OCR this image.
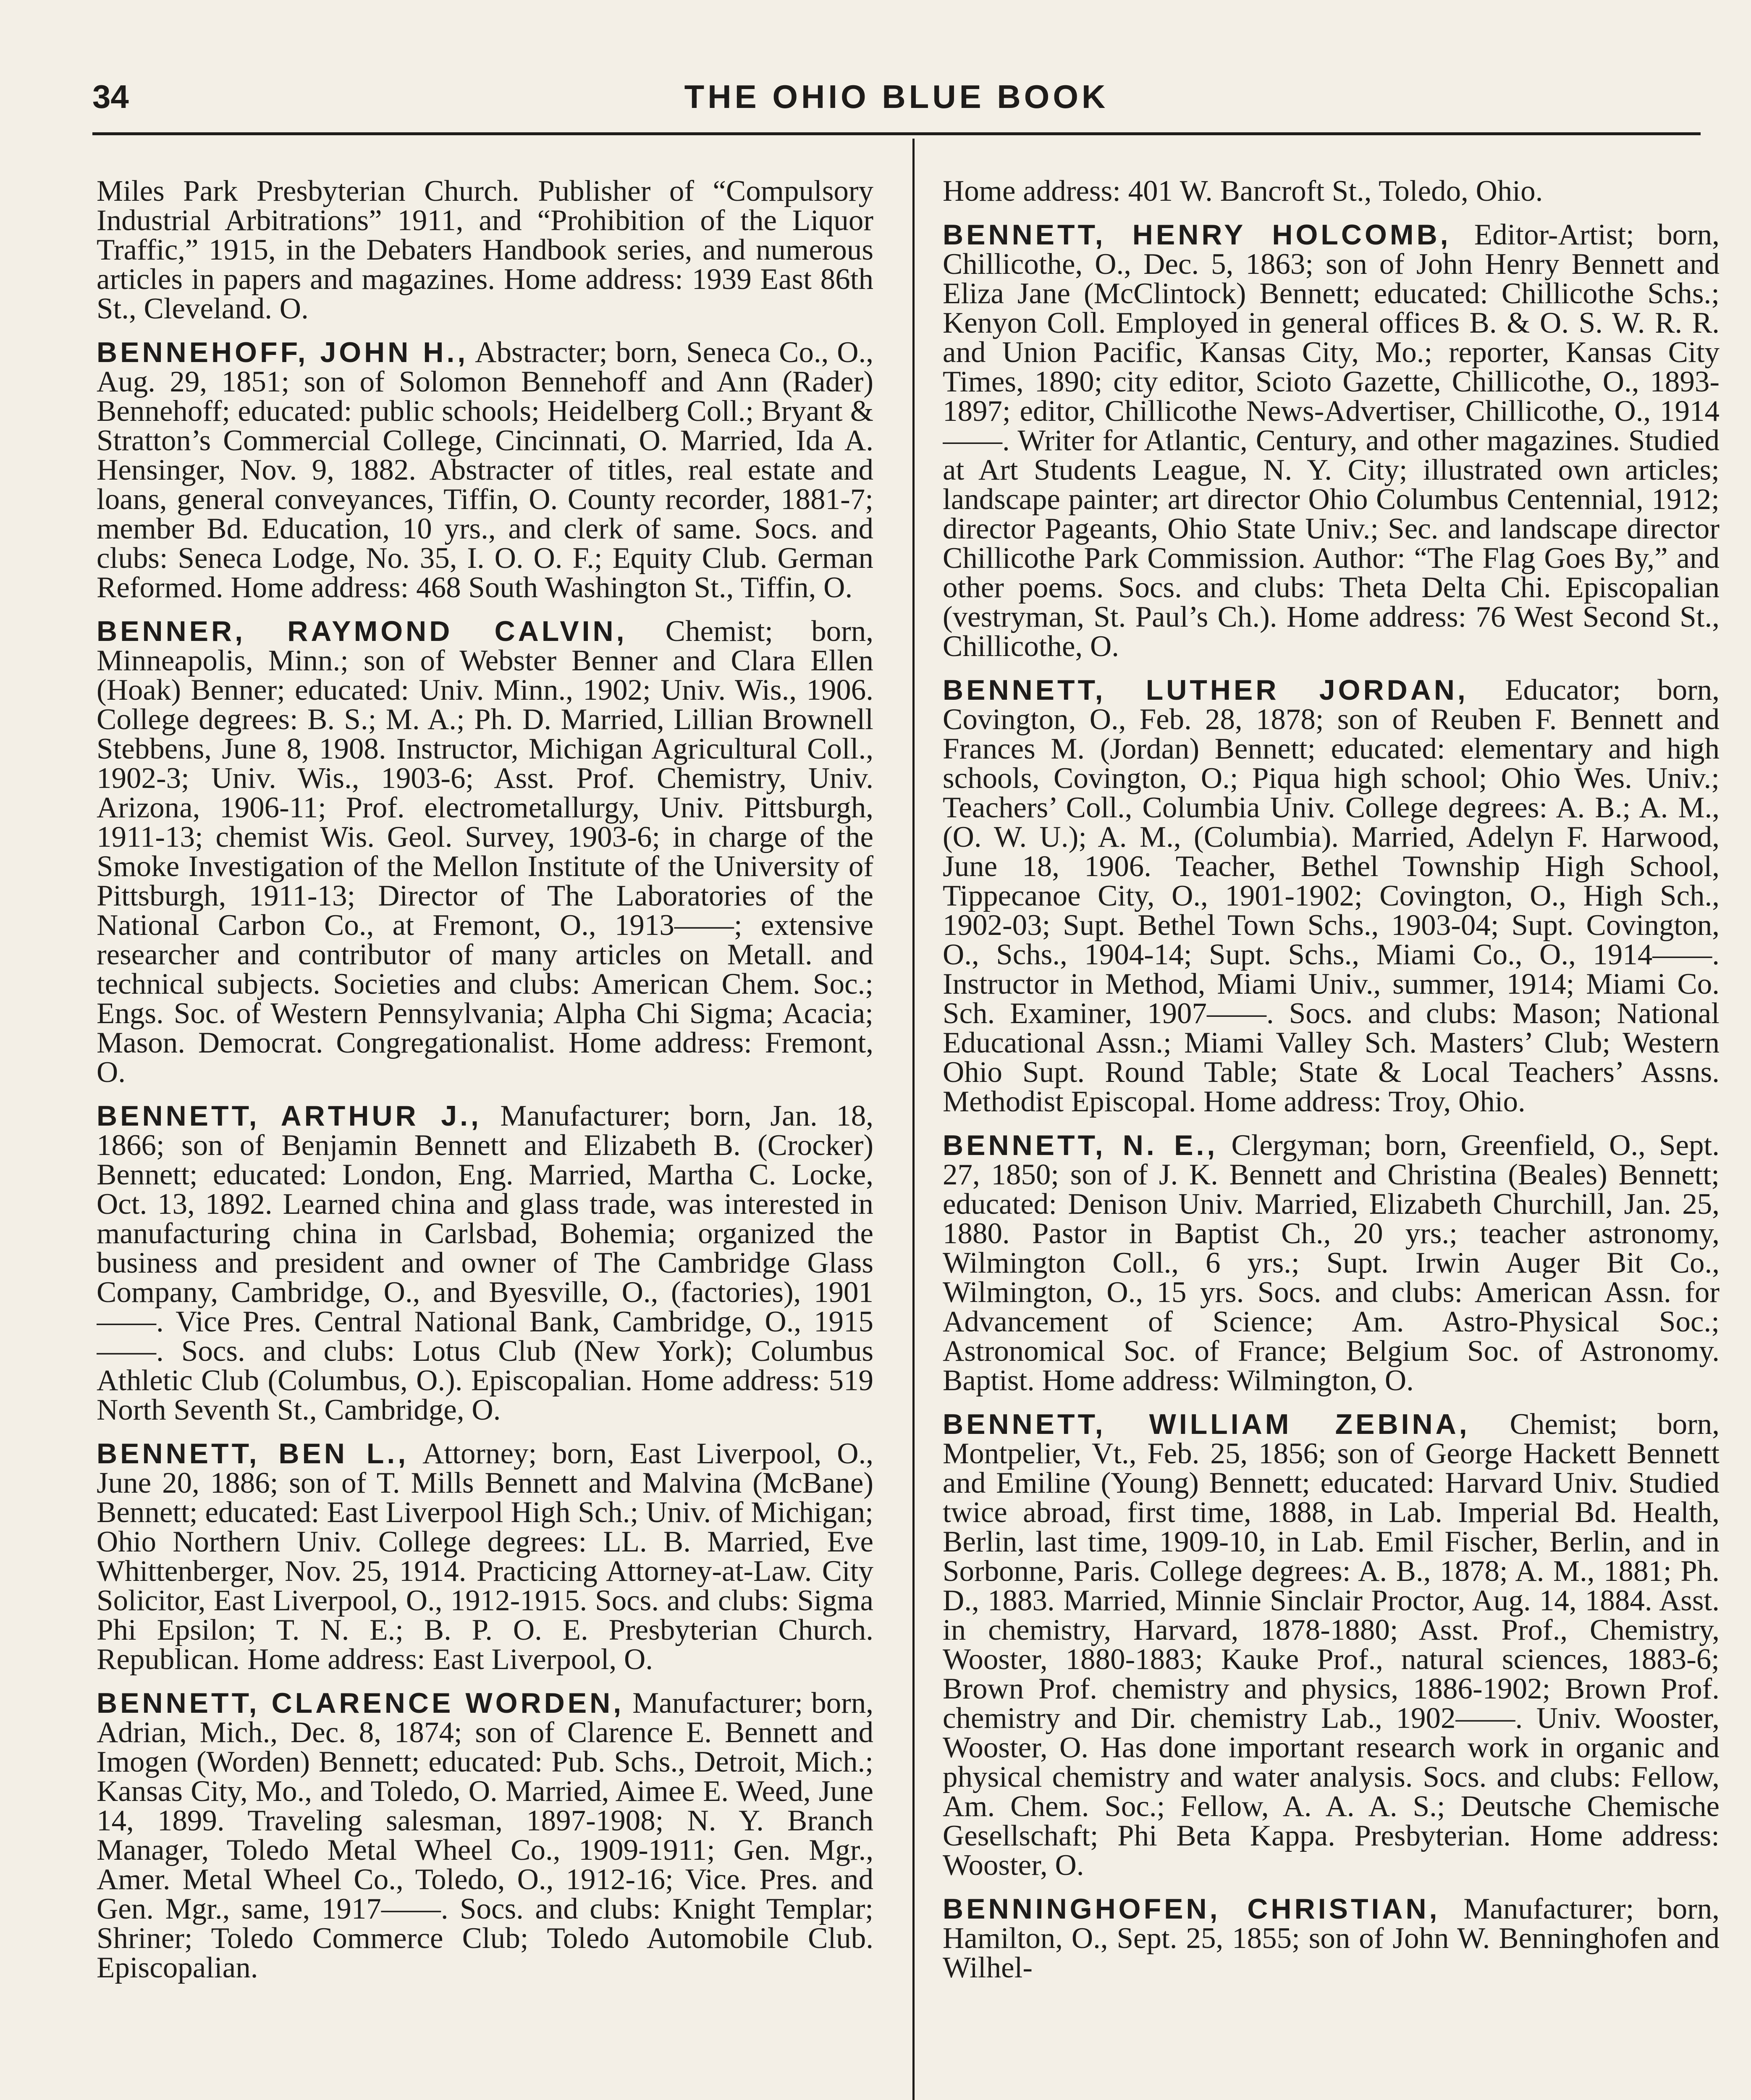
34	THE OHIO BLUE BOOK

Miles Park Presbyterian Church. Publisher of “Compulsory Industrial Arbitrations” 1911, and “Prohibition of the Liquor Traffic,” 1915, in the Debaters Handbook series, and numerous articles in papers and magazines. Home address: 1939 East 86th St., Cleveland. O.

BENNEHOFF, JOHN H., Abstracter; born, Seneca Co., O., Aug. 29, 1851; son of Solomon Bennehoff and Ann (Rader) Bennehoff; educated: public schools; Heidelberg Coll.; Bryant & Stratton’s Commercial College, Cincinnati, O. Married, Ida A. Hensinger, Nov. 9, 1882. Abstracter of titles, real estate and loans, general conveyances, Tiffin, O. County recorder, 1881-7; member Bd. Education, 10 yrs., and clerk of same. Socs. and clubs: Seneca Lodge, No. 35, I. O. O. F.; Equity Club. German Reformed. Home address: 468 South Washington St., Tiffin, O.

BENNER, RAYMOND CALVIN, Chemist; born, Minneapolis, Minn.; son of Webster Benner and Clara Ellen (Hoak) Benner; educated: Univ. Minn., 1902; Univ. Wis., 1906. College degrees: B. S.; M. A.; Ph. D. Married, Lillian Brownell Stebbens, June 8, 1908. Instructor, Michigan Agricultural Coll., 1902-3; Univ. Wis., 1903-6; Asst. Prof. Chemistry, Univ. Arizona, 1906-11; Prof. electrometallurgy, Univ. Pittsburgh, 1911-13; chemist Wis. Geol. Survey, 1903-6; in charge of the Smoke Investigation of the Mellon Institute of the University of Pittsburgh, 1911-13; Director of The Laboratories of the National Carbon Co., at Fremont, O., 1913——; extensive researcher and contributor of many articles on Metall. and technical subjects. Societies and clubs: American Chem. Soc.; Engs. Soc. of Western Pennsylvania; Alpha Chi Sigma; Acacia; Mason. Democrat. Congregationalist. Home address: Fremont, O.

BENNETT, ARTHUR J., Manufacturer; born, Jan. 18, 1866; son of Benjamin Bennett and Elizabeth B. (Crocker) Bennett; educated: London, Eng. Married, Martha C. Locke, Oct. 13, 1892. Learned china and glass trade, was interested in manufacturing china in Carlsbad, Bohemia; organized the business and president and owner of The Cambridge Glass Company, Cambridge, O., and Byesville, O., (factories), 1901——. Vice Pres. Central National Bank, Cambridge, O., 1915——. Socs. and clubs: Lotus Club (New York); Columbus Athletic Club (Columbus, O.). Episcopalian. Home address: 519 North Seventh St., Cambridge, O.

BENNETT, BEN L., Attorney; born, East Liverpool, O., June 20, 1886; son of T. Mills Bennett and Malvina (McBane) Bennett; educated: East Liverpool High Sch.; Univ. of Michigan; Ohio Northern Univ. College degrees: LL. B. Married, Eve Whittenberger, Nov. 25, 1914. Practicing Attorney-at-Law. City Solicitor, East Liverpool, O., 1912-1915. Socs. and clubs: Sigma Phi Epsilon; T. N. E.; B. P. O. E. Presbyterian Church. Republican. Home address: East Liverpool, O.

BENNETT, CLARENCE WORDEN, Manufacturer; born, Adrian, Mich., Dec. 8, 1874; son of Clarence E. Bennett and Imogen (Worden) Bennett; educated: Pub. Schs., Detroit, Mich.; Kansas City, Mo., and Toledo, O. Married, Aimee E. Weed, June 14, 1899. Traveling salesman, 1897-1908; N. Y. Branch Manager, Toledo Metal Wheel Co., 1909-1911; Gen. Mgr., Amer. Metal Wheel Co., Toledo, O., 1912-16; Vice. Pres. and Gen. Mgr., same, 1917——. Socs. and clubs: Knight Templar; Shriner; Toledo Commerce Club; Toledo Automobile Club. Episcopalian.

Home address: 401 W. Bancroft St., Toledo, Ohio.

BENNETT, HENRY HOLCOMB, Editor-Artist; born, Chillicothe, O., Dec. 5, 1863; son of John Henry Bennett and Eliza Jane (McClintock) Bennett; educated: Chillicothe Schs.; Kenyon Coll. Employed in general offices B. & O. S. W. R. R. and Union Pacific, Kansas City, Mo.; reporter, Kansas City Times, 1890; city editor, Scioto Gazette, Chillicothe, O., 1893-1897; editor, Chillicothe News-Advertiser, Chillicothe, O., 1914——. Writer for Atlantic, Century, and other magazines. Studied at Art Students League, N. Y. City; illustrated own articles; landscape painter; art director Ohio Columbus Centennial, 1912; director Pageants, Ohio State Univ.; Sec. and landscape director Chillicothe Park Commission. Author: “The Flag Goes By,” and other poems. Socs. and clubs: Theta Delta Chi. Episcopalian (vestryman, St. Paul’s Ch.). Home address: 76 West Second St., Chillicothe, O.

BENNETT, LUTHER JORDAN, Educator; born, Covington, O., Feb. 28, 1878; son of Reuben F. Bennett and Frances M. (Jordan) Bennett; educated: elementary and high schools, Covington, O.; Piqua high school; Ohio Wes. Univ.; Teachers’ Coll., Columbia Univ. College degrees: A. B.; A. M., (O. W. U.); A. M., (Columbia). Married, Adelyn F. Harwood, June 18, 1906. Teacher, Bethel Township High School, Tippecanoe City, O., 1901-1902; Covington, O., High Sch., 1902-03; Supt. Bethel Town Schs., 1903-04; Supt. Covington, O., Schs., 1904-14; Supt. Schs., Miami Co., O., 1914——. Instructor in Method, Miami Univ., summer, 1914; Miami Co. Sch. Examiner, 1907——. Socs. and clubs: Mason; National Educational Assn.; Miami Valley Sch. Masters’ Club; Western Ohio Supt. Round Table; State & Local Teachers’ Assns. Methodist Episcopal. Home address: Troy, Ohio.

BENNETT, N. E., Clergyman; born, Greenfield, O., Sept. 27, 1850; son of J. K. Bennett and Christina (Beales) Bennett; educated: Denison Univ. Married, Elizabeth Churchill, Jan. 25, 1880. Pastor in Baptist Ch., 20 yrs.; teacher astronomy, Wilmington Coll., 6 yrs.; Supt. Irwin Auger Bit Co., Wilmington, O., 15 yrs. Socs. and clubs: American Assn. for Advancement of Science; Am. Astro-Physical Soc.; Astronomical Soc. of France; Belgium Soc. of Astronomy. Baptist. Home address: Wilmington, O.

BENNETT, WILLIAM ZEBINA, Chemist; born, Montpelier, Vt., Feb. 25, 1856; son of George Hackett Bennett and Emiline (Young) Bennett; educated: Harvard Univ. Studied twice abroad, first time, 1888, in Lab. Imperial Bd. Health, Berlin, last time, 1909-10, in Lab. Emil Fischer, Berlin, and in Sorbonne, Paris. College degrees: A. B., 1878; A. M., 1881; Ph. D., 1883. Married, Minnie Sinclair Proctor, Aug. 14, 1884. Asst. in chemistry, Harvard, 1878-1880; Asst. Prof., Chemistry, Wooster, 1880-1883; Kauke Prof., natural sciences, 1883-6; Brown Prof. chemistry and physics, 1886-1902; Brown Prof. chemistry and Dir. chemistry Lab., 1902——. Univ. Wooster, Wooster, O. Has done important research work in organic and physical chemistry and water analysis. Socs. and clubs: Fellow, Am. Chem. Soc.; Fellow, A. A. A. S.; Deutsche Chemische Gesellschaft; Phi Beta Kappa. Presbyterian. Home address: Wooster, O.

BENNINGHOFEN, CHRISTIAN, Manufacturer; born, Hamilton, O., Sept. 25, 1855; son of John W. Benninghofen and Wilhel-
